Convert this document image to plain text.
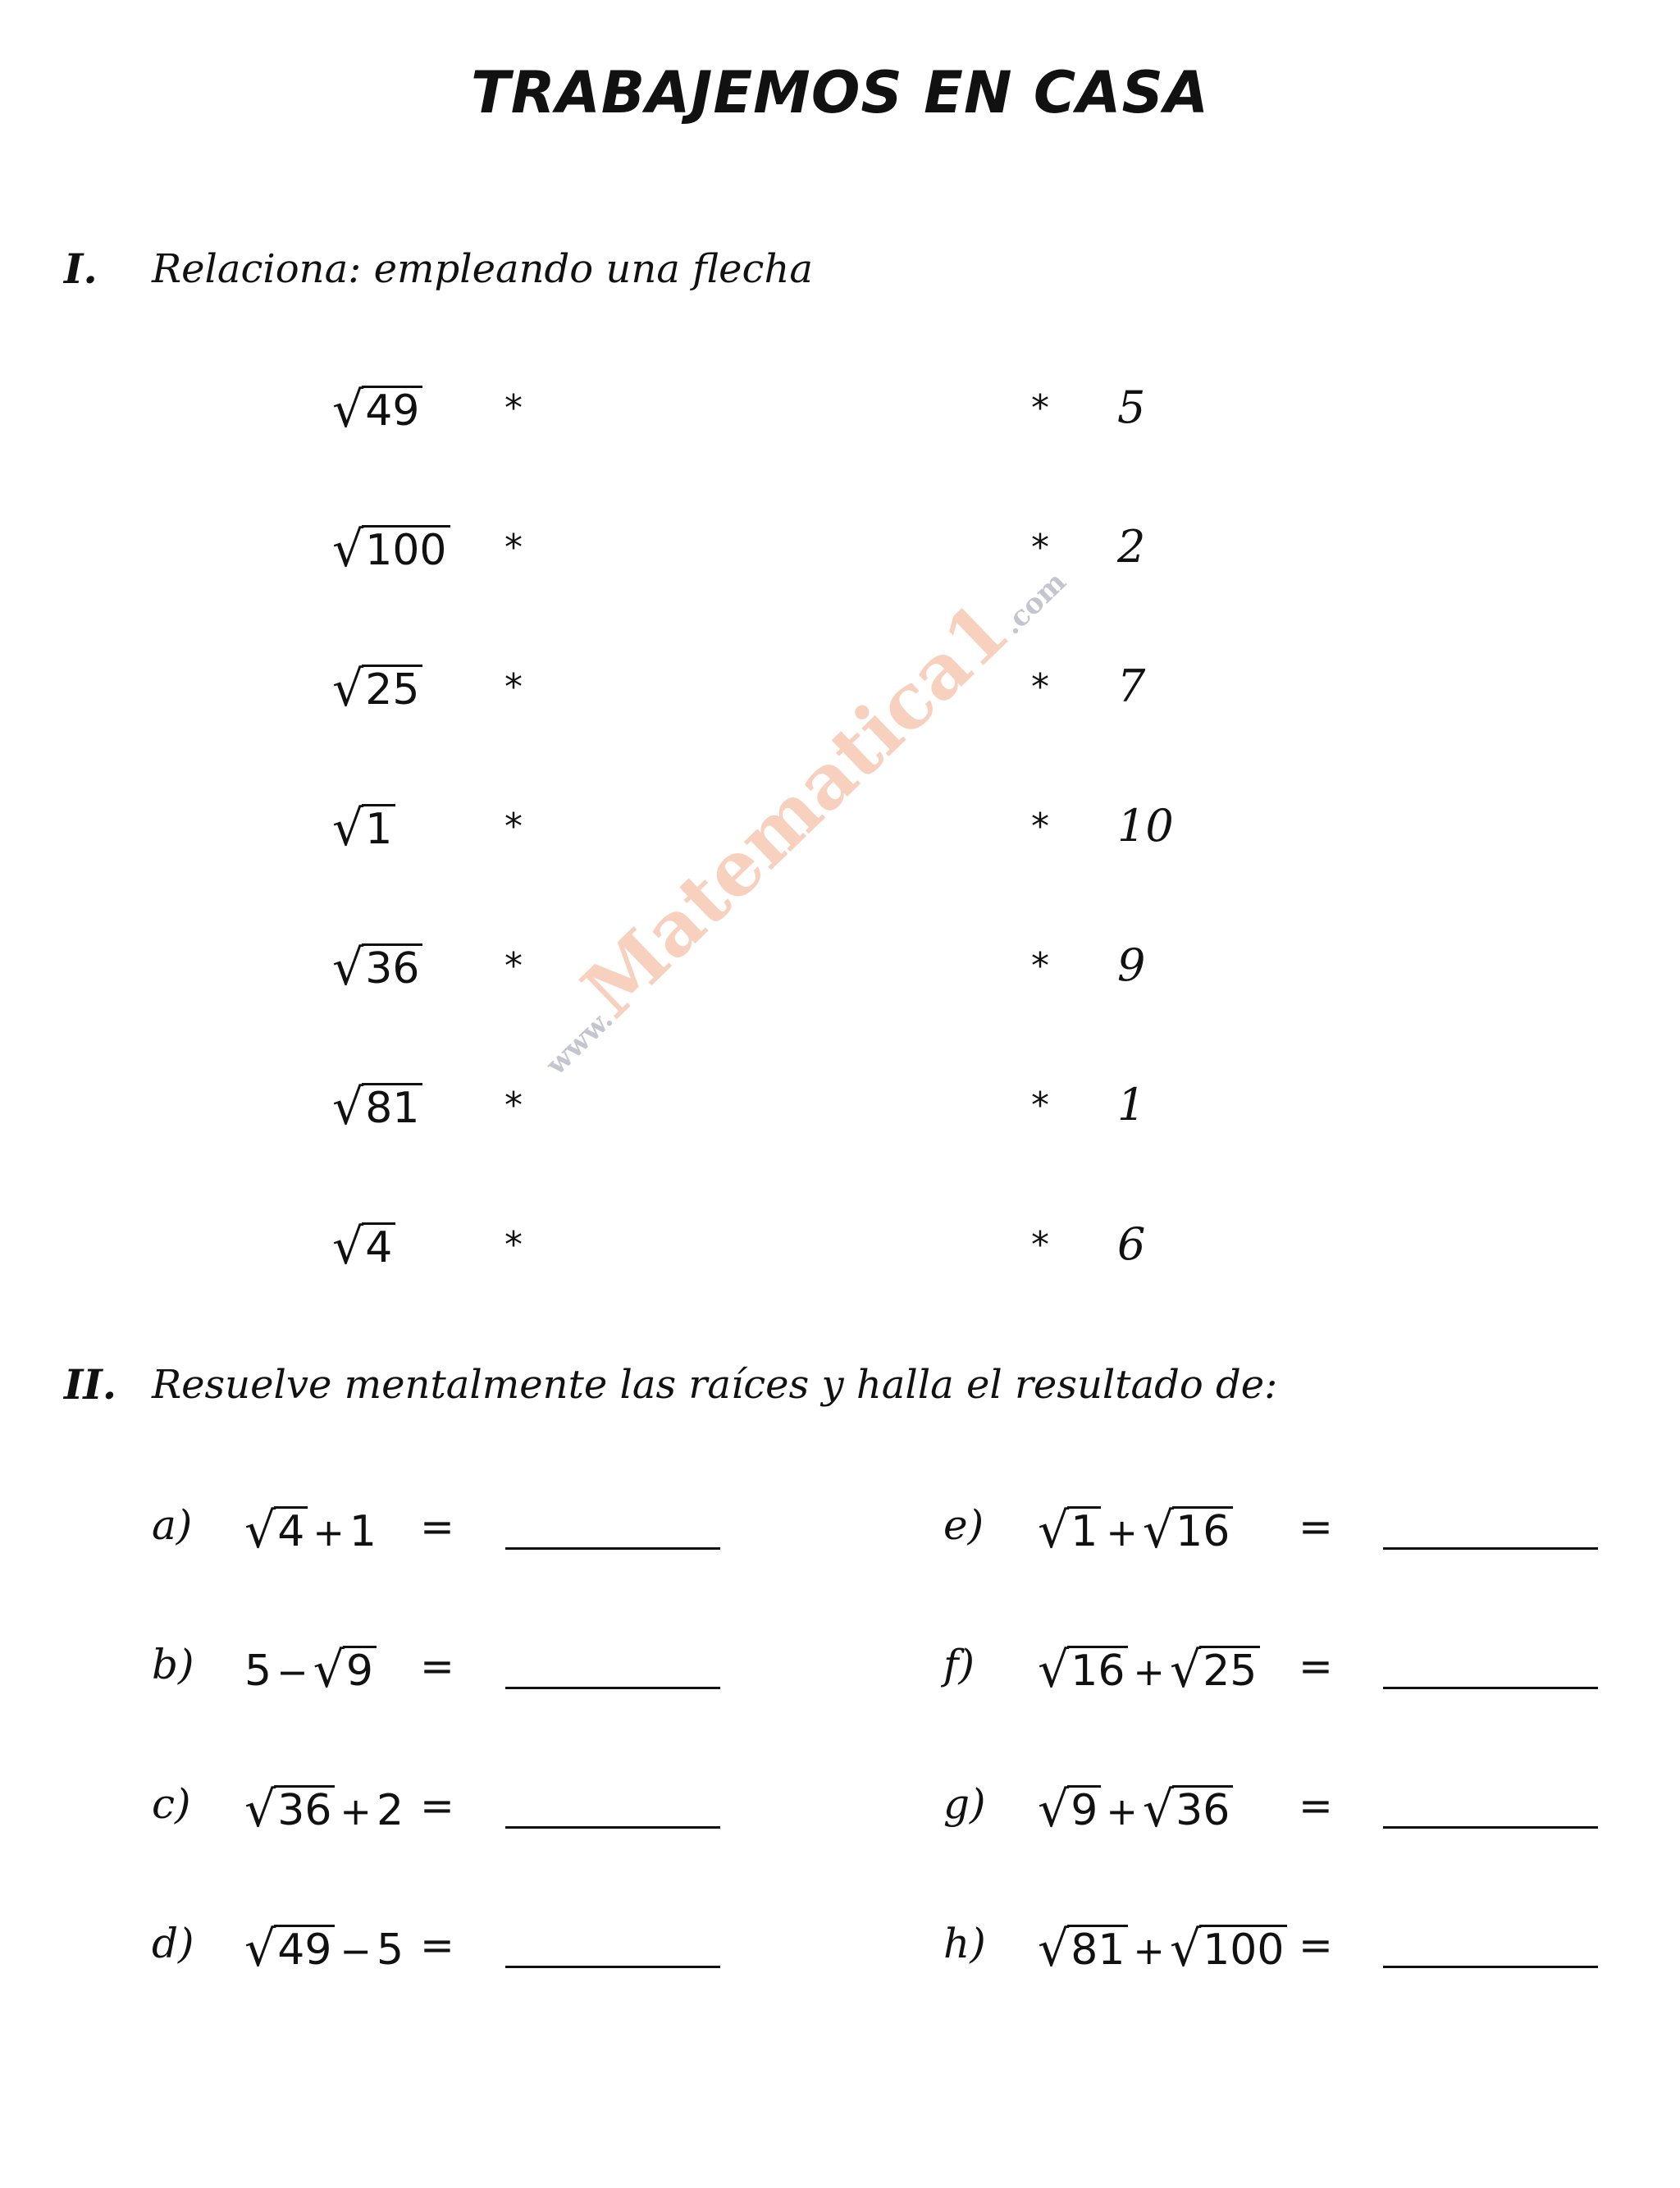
TRABAJEMOS EN CASA
I. Relaciona: empleando una flecha
√49
√100
√25
√1
√36
√81
√4
*
*
*
*
*
*
*
*
*
*
*
*
*
*
5
2
7
10
9
1
6
www.Matematica1.com
II. Resuelve mentalmente las raíces y halla el resultado de:
a) √4 + 1 =
b) 5 − √9 =
c) √36 + 2 =
d) √49 − 5 =
e) √1 + √16 =
f) √16 + √25 =
g) √9 + √36 =
h) √81 + √100 =
